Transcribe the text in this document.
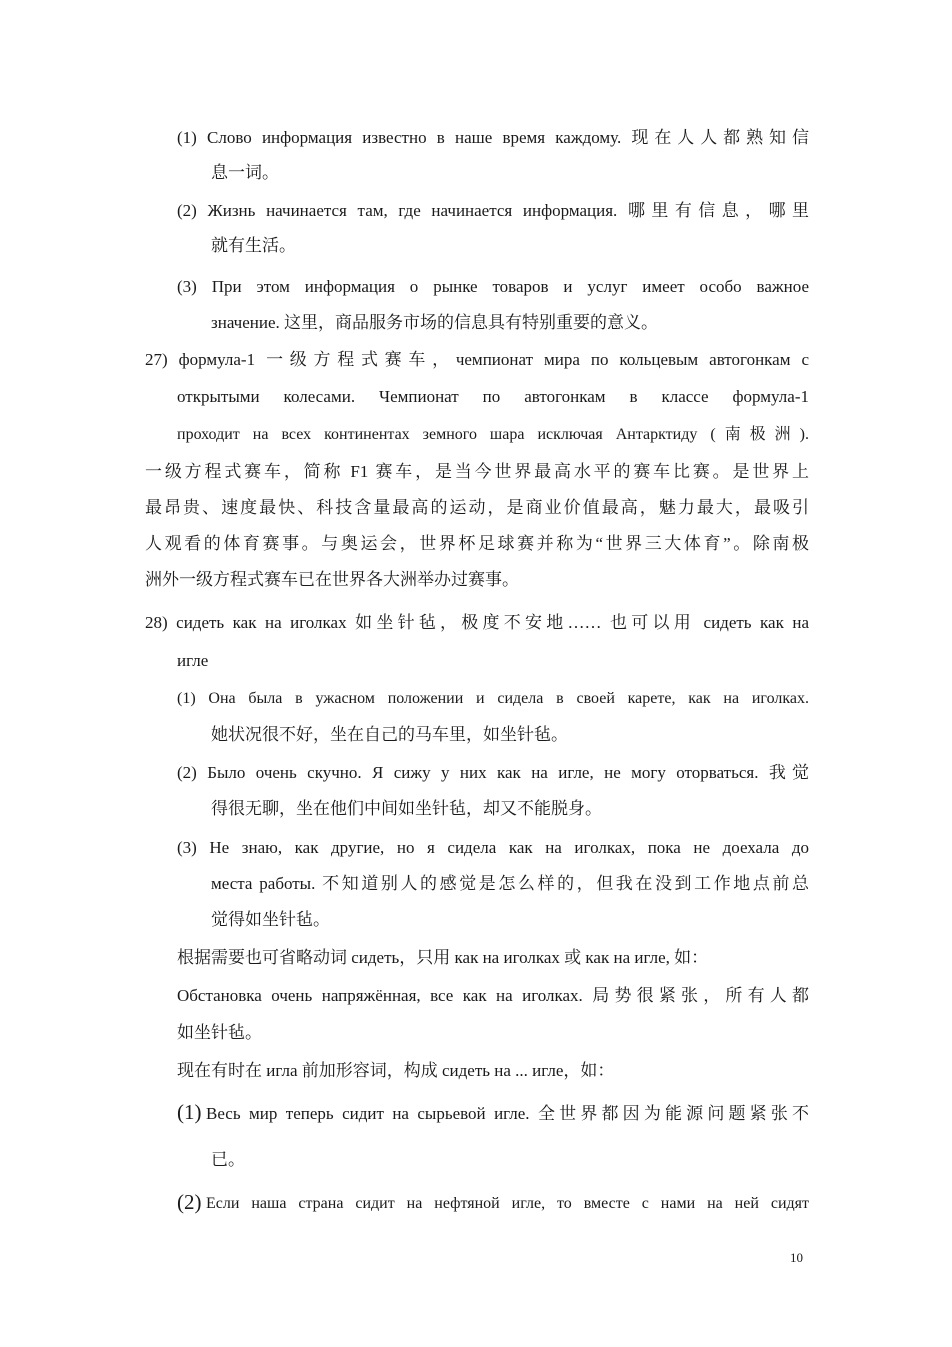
(1) Слово информация известно в наше время каждому. 现在人人都熟知信
息一词。
(2) Жизнь начинается там, где начинается информация. 哪里有信息，哪里
就有生活。
(3) При этом информация о рынке товаров и услуг имеет особо важное
значение. 这里，商品服务市场的信息具有特别重要的意义。
27) формула-1 一级方程式赛车，чемпионат мира по кольцевым автогонкам с
открытыми колесами. Чемпионат по автогонкам в классе формула-1
проходит на всех континентах земного шара исключая Антарктиду (南极洲).
一级方程式赛车，简称 F1 赛车，是当今世界最高水平的赛车比赛。是世界上
最昂贵、速度最快、科技含量最高的运动，是商业价值最高，魅力最大，最吸引
人观看的体育赛事。与奥运会，世界杯足球赛并称为“世界三大体育”。除南极
洲外一级方程式赛车已在世界各大洲举办过赛事。
28) сидеть как на иголках 如坐针毡，极度不安地…… 也可以用 сидеть как на
игле
(1) Она была в ужасном положении и сидела в своей карете, как на иголках.
她状况很不好，坐在自己的马车里，如坐针毡。
(2) Было очень скучно. Я сижу у них как на игле, не могу оторваться. 我觉
得很无聊，坐在他们中间如坐针毡，却又不能脱身。
(3) Не знаю, как другие, но я сидела как на иголках, пока не доехала до
места работы. 不知道别人的感觉是怎么样的，但我在没到工作地点前总
觉得如坐针毡。
根据需要也可省略动词 сидеть，只用 как на иголках 或 как на игле, 如：
Обстановка очень напряжённая, все как на иголках. 局势很紧张，所有人都
如坐针毡。
现在有时在 игла 前加形容词，构成 сидеть на ... игле，如：
(1) Весь мир теперь сидит на сырьевой игле. 全世界都因为能源问题紧张不
已。
(2) Если наша страна сидит на нефтяной игле, то вместе с нами на ней сидят
10
